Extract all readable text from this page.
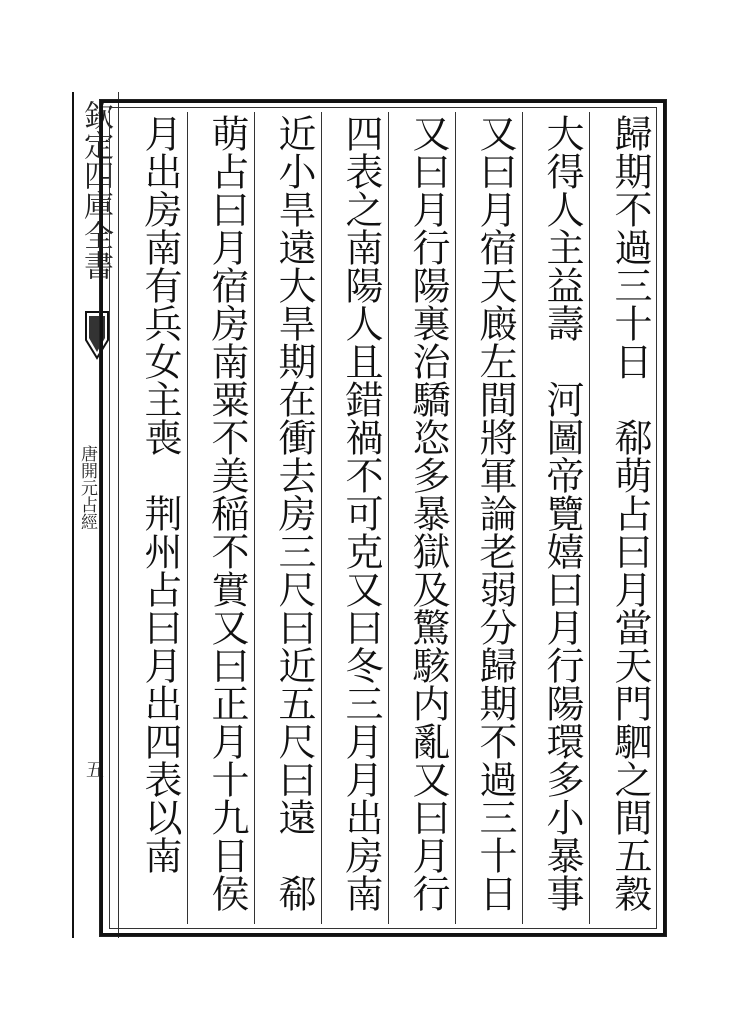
欽定四庫全書
唐開元占經
五	歸期不過三十日　郗萌占曰月當天門駟之間五穀
大得人主益壽　河圖帝覽嬉曰月行陽環多小暴事
又曰月宿天廄左間將軍論老弱分歸期不過三十日
又曰月行陽裏治驕恣多暴獄及驚駭内亂又曰月行
四表之南陽人且錯禍不可克又曰冬三月月出房南
近小旱遠大旱期在衝去房三尺曰近五尺曰遠　郗
萌占曰月宿房南粟不美稲不實又曰正月十九日侯
月出房南有兵女主喪　荆州占曰月出四表以南
